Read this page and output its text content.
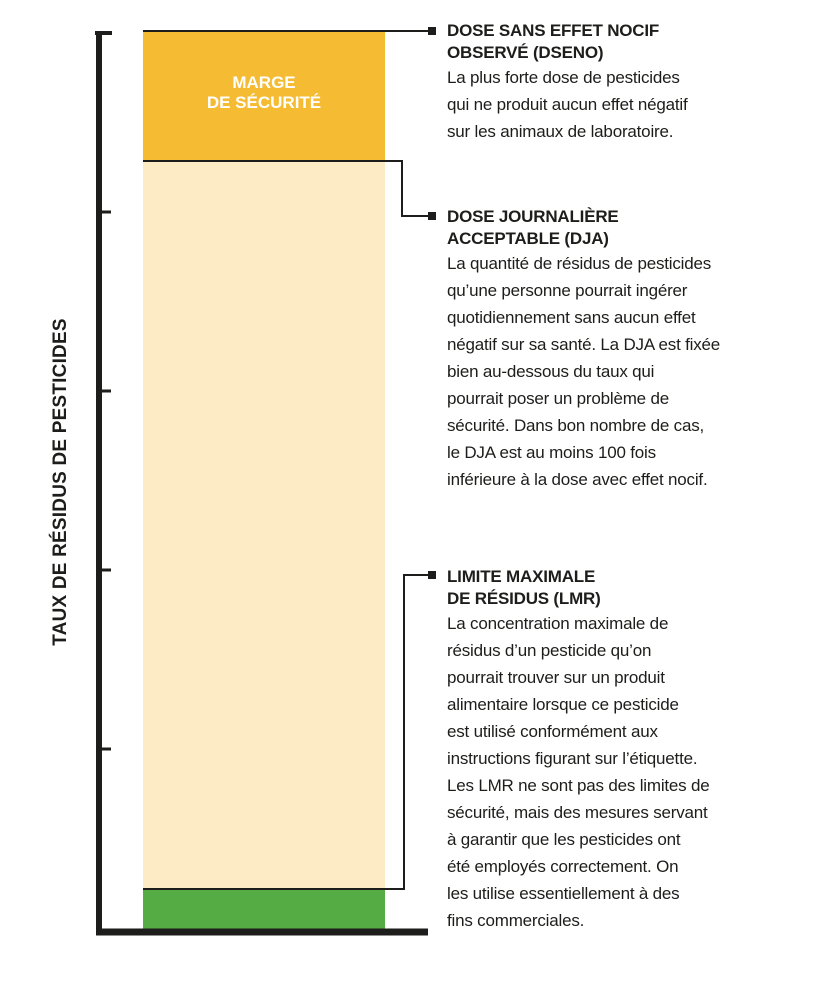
TAUX DE RÉSIDUS DE PESTICIDES
MARGE
DE SÉCURITÉ
DOSE SANS EFFET NOCIF
OBSERVÉ (DSENO)
La plus forte dose de pesticides
qui ne produit aucun effet négatif
sur les animaux de laboratoire.
DOSE JOURNALIÈRE
ACCEPTABLE (DJA)
La quantité de résidus de pesticides
qu’une personne pourrait ingérer
quotidiennement sans aucun effet
négatif sur sa santé. La DJA est fixée
bien au-dessous du taux qui
pourrait poser un problème de
sécurité. Dans bon nombre de cas,
le DJA est au moins 100 fois
inférieure à la dose avec effet nocif.
LIMITE MAXIMALE
DE RÉSIDUS (LMR)
La concentration maximale de
résidus d’un pesticide qu’on
pourrait trouver sur un produit
alimentaire lorsque ce pesticide
est utilisé conformément aux
instructions figurant sur l’étiquette.
Les LMR ne sont pas des limites de
sécurité, mais des mesures servant
à garantir que les pesticides ont
été employés correctement. On
les utilise essentiellement à des
fins commerciales.
